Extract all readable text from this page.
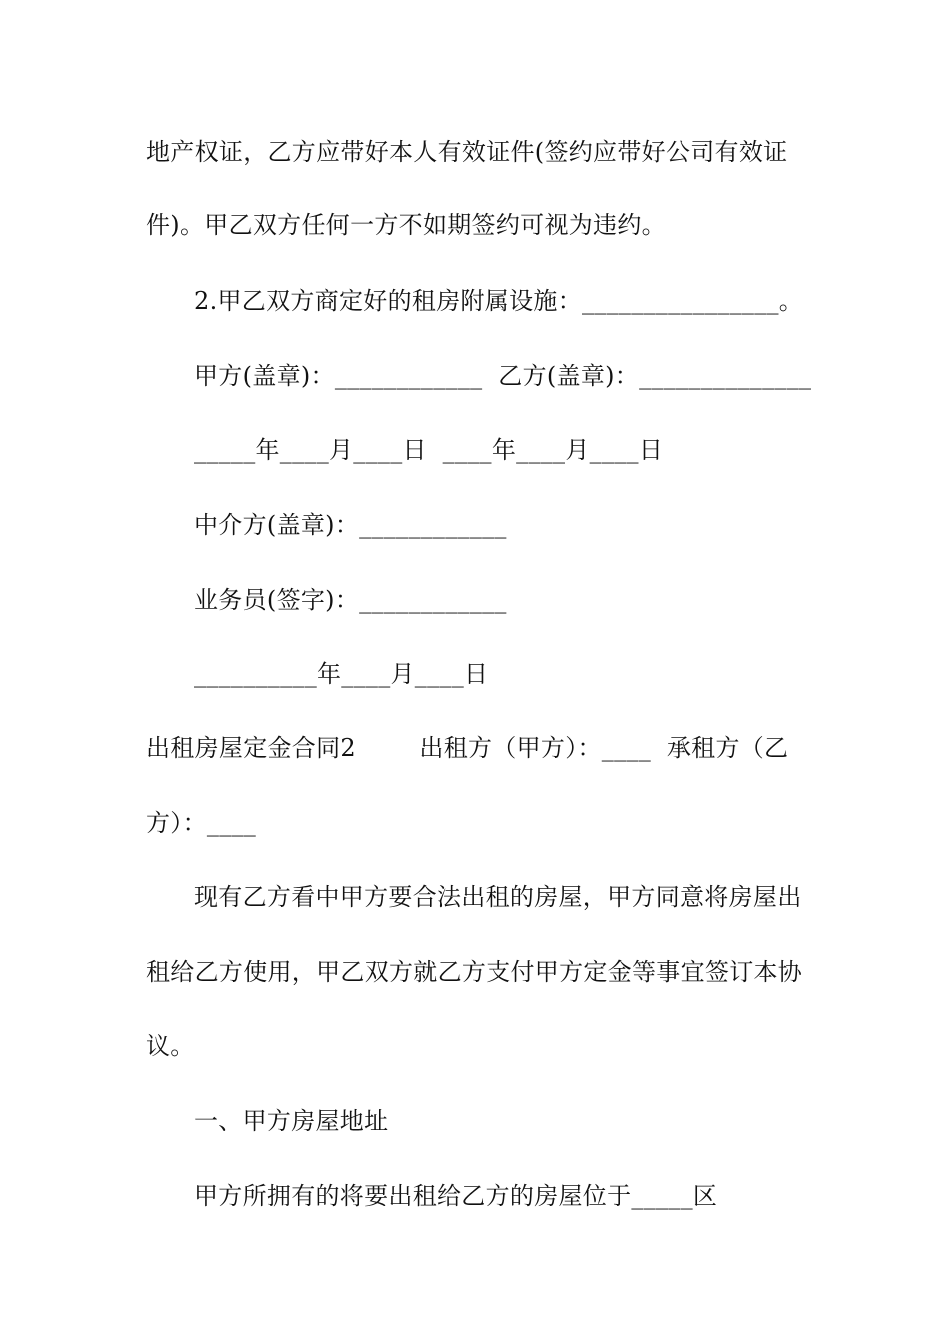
地产权证，乙方应带好本人有效证件(签约应带好公司有效证
件)。甲乙双方任何一方不如期签约可视为违约。
2.甲乙双方商定好的租房附属设施：________________。
甲方(盖章)：____________  乙方(盖章)：______________
_____年____月____日  ____年____月____日
中介方(盖章)：____________
业务员(签字)：____________
__________年____月____日
出租房屋定金合同2        出租方（甲方）：____  承租方（乙
方）：____
现有乙方看中甲方要合法出租的房屋，甲方同意将房屋出
租给乙方使用，甲乙双方就乙方支付甲方定金等事宜签订本协
议。
一、甲方房屋地址
甲方所拥有的将要出租给乙方的房屋位于_____区
